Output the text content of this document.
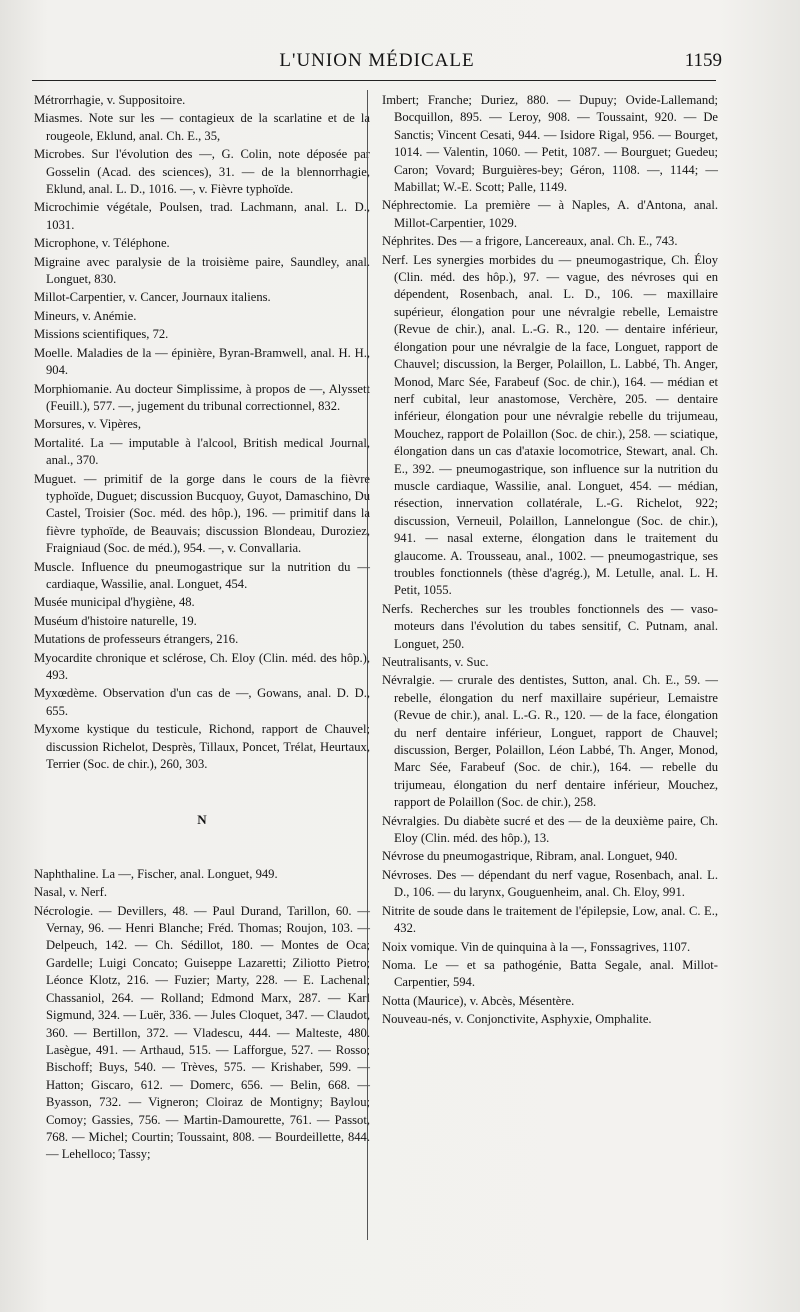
L'UNION MÉDICALE	1159

Métrorrhagie, v. Suppositoire.

Miasmes. Note sur les — contagieux de la scarlatine et de la rougeole, Eklund, anal. Ch. E., 35,

Microbes. Sur l'évolution des —, G. Colin, note déposée par Gosselin (Acad. des sciences), 31. — de la blennorrhagie, Eklund, anal. L. D., 1016. —, v. Fièvre typhoïde.

Microchimie végétale, Poulsen, trad. Lachmann, anal. L. D., 1031.

Microphone, v. Téléphone.

Migraine avec paralysie de la troisième paire, Saundley, anal. Longuet, 830.

Millot-Carpentier, v. Cancer, Journaux italiens.

Mineurs, v. Anémie.

Missions scientifiques, 72.

Moelle. Maladies de la — épinière, Byran-Bramwell, anal. H. H., 904.

Morphiomanie. Au docteur Simplissime, à propos de —, Alyssett (Feuill.), 577. —, jugement du tribunal correctionnel, 832.

Morsures, v. Vipères,

Mortalité. La — imputable à l'alcool, British medical Journal, anal., 370.

Muguet. — primitif de la gorge dans le cours de la fièvre typhoïde, Duguet; discussion Bucquoy, Guyot, Damaschino, Du Castel, Troisier (Soc. méd. des hôp.), 196. — primitif dans la fièvre typhoïde, de Beauvais; discussion Blondeau, Duroziez, Fraigniaud (Soc. de méd.), 954. —, v. Convallaria.

Muscle. Influence du pneumogastrique sur la nutrition du — cardiaque, Wassilie, anal. Longuet, 454.

Musée municipal d'hygiène, 48.

Muséum d'histoire naturelle, 19.

Mutations de professeurs étrangers, 216.

Myocardite chronique et sclérose, Ch. Eloy (Clin. méd. des hôp.), 493.

Myxœdème. Observation d'un cas de —, Gowans, anal. D. D., 655.

Myxome kystique du testicule, Richond, rapport de Chauvel; discussion Richelot, Desprès, Tillaux, Poncet, Trélat, Heurtaux, Terrier (Soc. de chir.), 260, 303.

N

Naphthaline. La —, Fischer, anal. Longuet, 949.

Nasal, v. Nerf.

Nécrologie. — Devillers, 48. — Paul Durand, Tarillon, 60. — Vernay, 96. — Henri Blanche; Fréd. Thomas; Roujon, 103. — Delpeuch, 142. — Ch. Sédillot, 180. — Montes de Oca; Gardelle; Luigi Concato; Guiseppe Lazaretti; Ziliotto Pietro; Léonce Klotz, 216. — Fuzier; Marty, 228. — E. Lachenal; Chassaniol, 264. — Rolland; Edmond Marx, 287. — Karl Sigmund, 324. — Luër, 336. — Jules Cloquet, 347. — Claudot, 360. — Bertillon, 372. — Vladescu, 444. — Malteste, 480. Lasègue, 491. — Arthaud, 515. — Lafforgue, 527. — Rosso; Bischoff; Buys, 540. — Trèves, 575. — Krishaber, 599. — Hatton; Giscaro, 612. — Domerc, 656. — Belin, 668. — Byasson, 732. — Vigneron; Cloiraz de Montigny; Baylou; Comoy; Gassies, 756. — Martin-Damourette, 761. — Passot, 768. — Michel; Courtin; Toussaint, 808. — Bourdeillette, 844. — Lehelloco; Tassy;

Imbert; Franche; Duriez, 880. — Dupuy; Ovide-Lallemand; Bocquillon, 895. — Leroy, 908. — Toussaint, 920. — De Sanctis; Vincent Cesati, 944. — Isidore Rigal, 956. — Bourget, 1014. — Valentin, 1060. — Petit, 1087. — Bourguet; Guedeu; Caron; Vovard; Burguières-bey; Géron, 1108. —, 1144; — Mabillat; W.-E. Scott; Palle, 1149.

Néphrectomie. La première — à Naples, A. d'Antona, anal. Millot-Carpentier, 1029.

Néphrites. Des — a frigore, Lancereaux, anal. Ch. E., 743.

Nerf. Les synergies morbides du — pneumogastrique, Ch. Éloy (Clin. méd. des hôp.), 97. — vague, des névroses qui en dépendent, Rosenbach, anal. L. D., 106. — maxillaire supérieur, élongation pour une névralgie rebelle, Lemaistre (Revue de chir.), anal. L.-G. R., 120. — dentaire inférieur, élongation pour une névralgie de la face, Longuet, rapport de Chauvel; discussion, la Berger, Polaillon, L. Labbé, Th. Anger, Monod, Marc Sée, Farabeuf (Soc. de chir.), 164. — médian et nerf cubital, leur anastomose, Verchère, 205. — dentaire inférieur, élongation pour une névralgie rebelle du trijumeau, Mouchez, rapport de Polaillon (Soc. de chir.), 258. — sciatique, élongation dans un cas d'ataxie locomotrice, Stewart, anal. Ch. E., 392. — pneumogastrique, son influence sur la nutrition du muscle cardiaque, Wassilie, anal. Longuet, 454. — médian, résection, innervation collatérale, L.-G. Richelot, 922; discussion, Verneuil, Polaillon, Lannelongue (Soc. de chir.), 941. — nasal externe, élongation dans le traitement du glaucome. A. Trousseau, anal., 1002. — pneumogastrique, ses troubles fonctionnels (thèse d'agrég.), M. Letulle, anal. L. H. Petit, 1055.

Nerfs. Recherches sur les troubles fonctionnels des — vaso-moteurs dans l'évolution du tabes sensitif, C. Putnam, anal. Longuet, 250.

Neutralisants, v. Suc.

Névralgie. — crurale des dentistes, Sutton, anal. Ch. E., 59. — rebelle, élongation du nerf maxillaire supérieur, Lemaistre (Revue de chir.), anal. L.-G. R., 120. — de la face, élongation du nerf dentaire inférieur, Longuet, rapport de Chauvel; discussion, Berger, Polaillon, Léon Labbé, Th. Anger, Monod, Marc Sée, Farabeuf (Soc. de chir.), 164. — rebelle du trijumeau, élongation du nerf dentaire inférieur, Mouchez, rapport de Polaillon (Soc. de chir.), 258.

Névralgies. Du diabète sucré et des — de la deuxième paire, Ch. Eloy (Clin. méd. des hôp.), 13.

Névrose du pneumogastrique, Ribram, anal. Longuet, 940.

Névroses. Des — dépendant du nerf vague, Rosenbach, anal. L. D., 106. — du larynx, Gouguenheim, anal. Ch. Eloy, 991.

Nitrite de soude dans le traitement de l'épilepsie, Low, anal. C. E., 432.

Noix vomique. Vin de quinquina à la —, Fonssagrives, 1107.

Noma. Le — et sa pathogénie, Batta Segale, anal. Millot-Carpentier, 594.

Notta (Maurice), v. Abcès, Mésentère.

Nouveau-nés, v. Conjonctivite, Asphyxie, Omphalite.
